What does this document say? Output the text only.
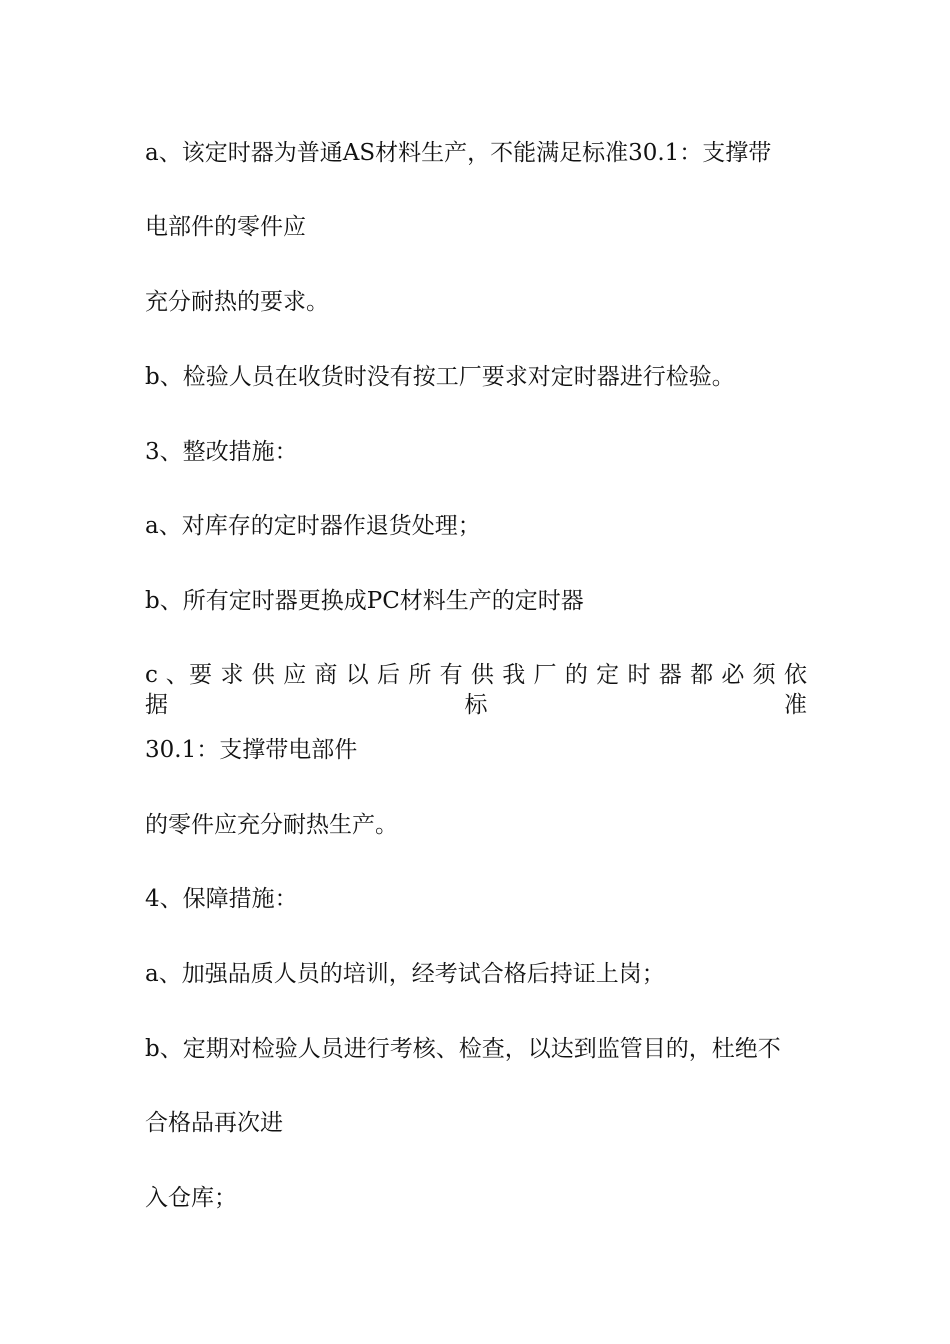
a、该定时器为普通AS材料生产，不能满足标准30.1：支撑带
电部件的零件应
充分耐热的要求。
b、检验人员在收货时没有按工厂要求对定时器进行检验。
3、整改措施：
a、对库存的定时器作退货处理；
b、所有定时器更换成PC材料生产的定时器
c 、要 求 供 应 商 以 后 所 有 供 我 厂 的 定 时 器 都 必 须 依 据 标 准
30.1：支撑带电部件
的零件应充分耐热生产。
4、保障措施：
a、加强品质人员的培训，经考试合格后持证上岗；
b、定期对检验人员进行考核、检查，以达到监管目的，杜绝不
合格品再次进
入仓库；
